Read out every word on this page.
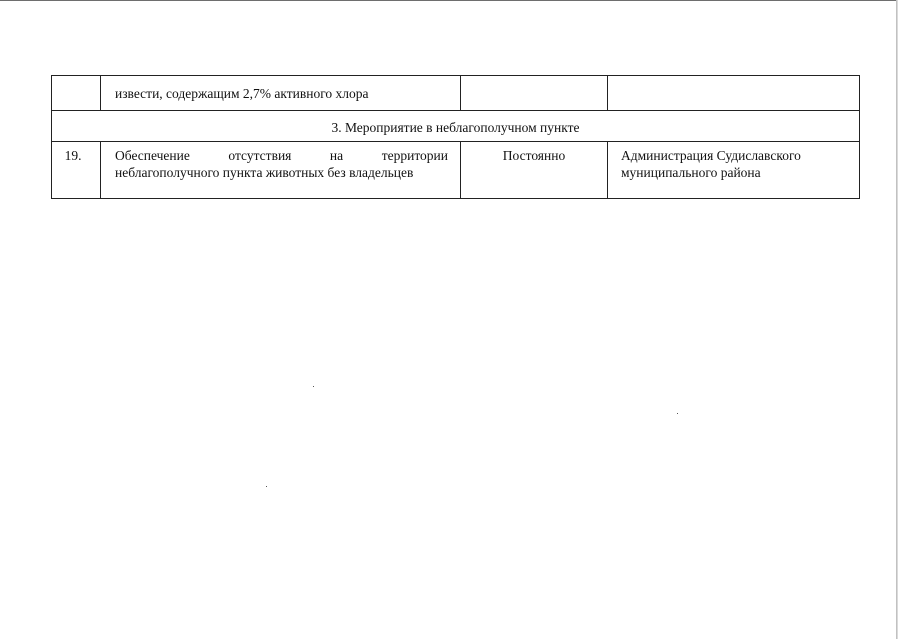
	извести, содержащим 2,7% активного хлора		

3. Мероприятие в неблагополучном пункте			

19.	Обеспечение отсутствия на территории неблагополучного пункта животных без владельцев	Постоянно	Администрация Судиславского муниципального района
